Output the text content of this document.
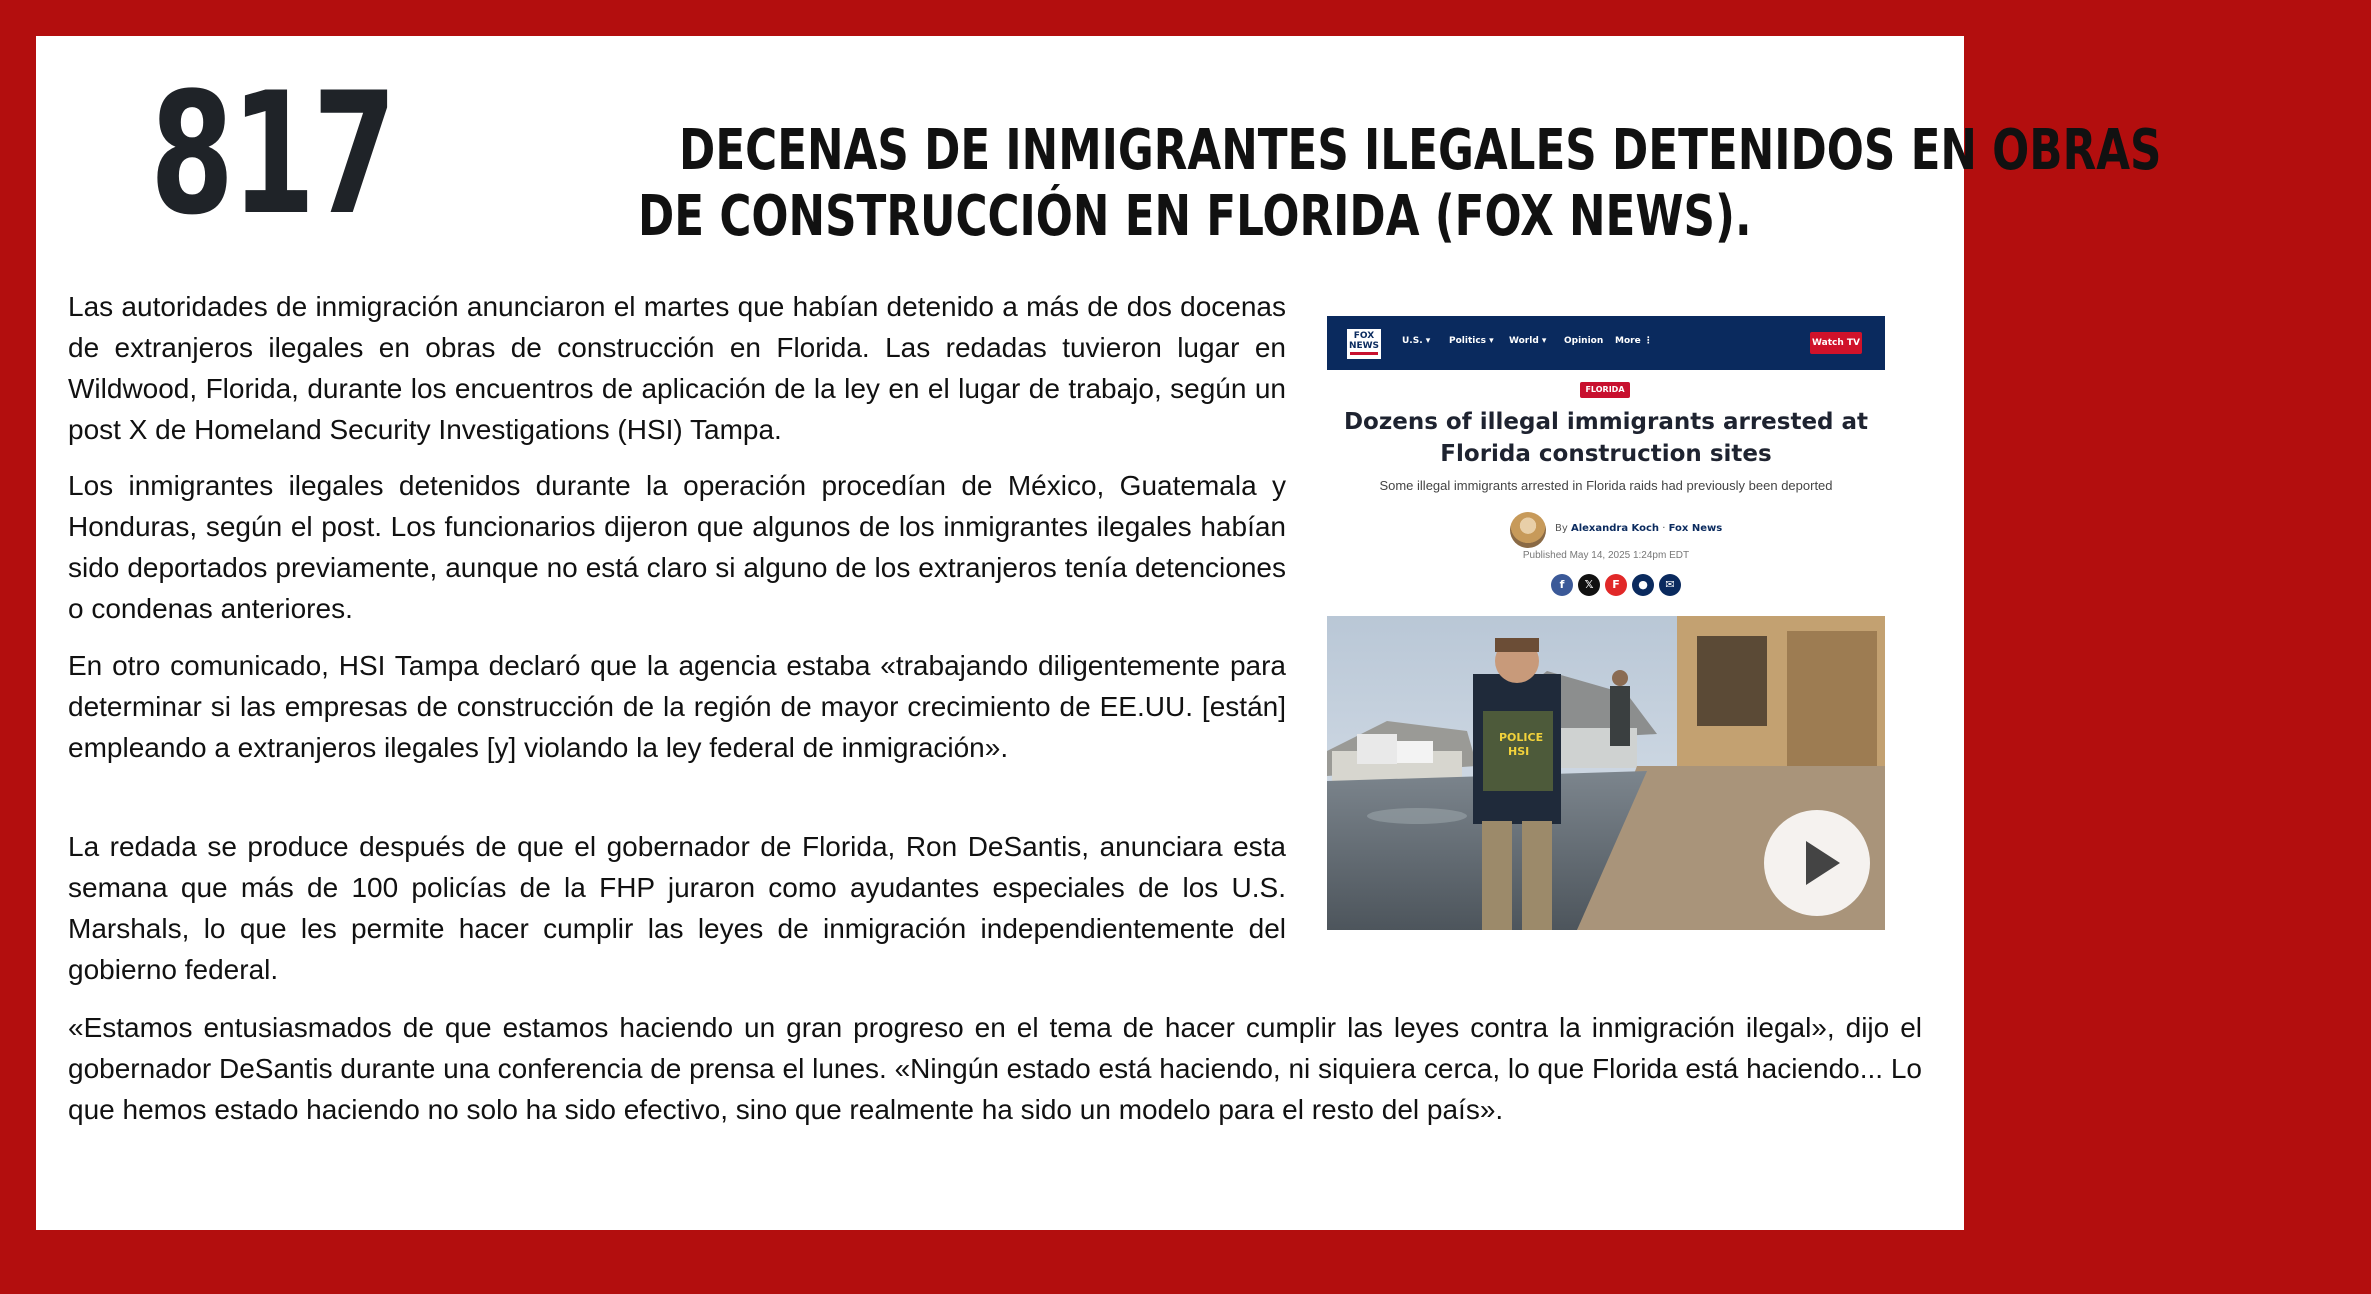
817	DECENAS DE INMIGRANTES ILEGALES DETENIDOS EN OBRAS
DE CONSTRUCCIÓN EN FLORIDA (FOX NEWS).

Las autoridades de inmigración anunciaron el martes que habían detenido a más de dos docenas de extranjeros ilegales en obras de construcción en Florida. Las redadas tuvieron lugar en Wildwood, Florida, durante los encuentros de aplicación de la ley en el lugar de trabajo, según un post X de Homeland Security Investigations (HSI) Tampa.

Los inmigrantes ilegales detenidos durante la operación procedían de México, Guatemala y Honduras, según el post. Los funcionarios dijeron que algunos de los inmigrantes ilegales habían sido deportados previamente, aunque no está claro si alguno de los extranjeros tenía detenciones o condenas anteriores.

En otro comunicado, HSI Tampa declaró que la agencia estaba «trabajando diligentemente para determinar si las empresas de construcción de la región de mayor crecimiento de EE.UU. [están] empleando a extranjeros ilegales [y] violando la ley federal de inmigración».

La redada se produce después de que el gobernador de Florida, Ron DeSantis, anunciara esta semana que más de 100 policías de la FHP juraron como ayudantes especiales de los U.S. Marshals, lo que les permite hacer cumplir las leyes de inmigración independientemente del gobierno federal.

«Estamos entusiasmados de que estamos haciendo un gran progreso en el tema de hacer cumplir las leyes contra la inmigración ilegal», dijo el gobernador DeSantis durante una conferencia de prensa el lunes. «Ningún estado está haciendo, ni siquiera cerca, lo que Florida está haciendo... Lo que hemos estado haciendo no solo ha sido efectivo, sino que realmente ha sido un modelo para el resto del país».

FOX
NEWS	U.S. ▾ Politics ▾ World ▾ Opinion More ⋮	Watch TV
FLORIDA
Dozens of illegal immigrants arrested at Florida construction sites
Some illegal immigrants arrested in Florida raids had previously been deported
By Alexandra Koch · Fox News
Published May 14, 2025 1:24pm EDT
f	𝕏	F	●	✉
POLICE
HSI
